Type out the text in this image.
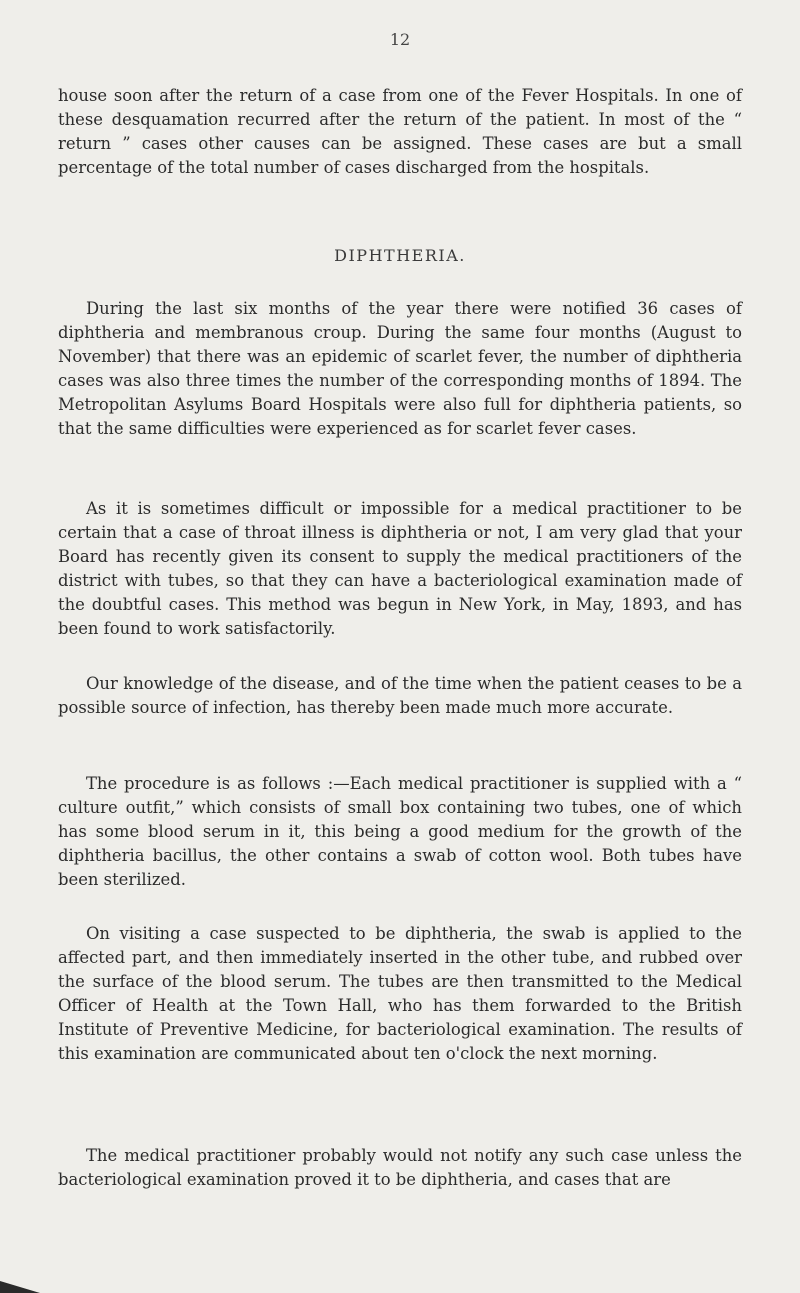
12

house soon after the return of a case from one of the Fever Hospitals. In one of these desquamation recurred after the return of the patient. In most of the “ return ” cases other causes can be assigned. These cases are but a small percentage of the total number of cases discharged from the hospitals.

DIPHTHERIA.

During the last six months of the year there were notified 36 cases of diphtheria and membranous croup. During the same four months (August to November) that there was an epidemic of scarlet fever, the number of diphtheria cases was also three times the number of the corresponding months of 1894. The Metropolitan Asylums Board Hospitals were also full for diphtheria patients, so that the same difficulties were experienced as for scarlet fever cases.

As it is sometimes difficult or impossible for a medical practitioner to be certain that a case of throat illness is diphtheria or not, I am very glad that your Board has recently given its consent to supply the medical practitioners of the district with tubes, so that they can have a bacteriological examination made of the doubtful cases. This method was begun in New York, in May, 1893, and has been found to work satisfactorily.

Our knowledge of the disease, and of the time when the patient ceases to be a possible source of infection, has thereby been made much more accurate.

The procedure is as follows :—Each medical practitioner is supplied with a “ culture outfit,” which consists of small box containing two tubes, one of which has some blood serum in it, this being a good medium for the growth of the diphtheria bacillus, the other contains a swab of cotton wool. Both tubes have been sterilized.

On visiting a case suspected to be diphtheria, the swab is applied to the affected part, and then immediately inserted in the other tube, and rubbed over the surface of the blood serum. The tubes are then transmitted to the Medical Officer of Health at the Town Hall, who has them forwarded to the British Institute of Preventive Medicine, for bacteriological examination. The results of this examination are communicated about ten o'clock the next morning.

The medical practitioner probably would not notify any such case unless the bacteriological examination proved it to be diphtheria, and cases that are
